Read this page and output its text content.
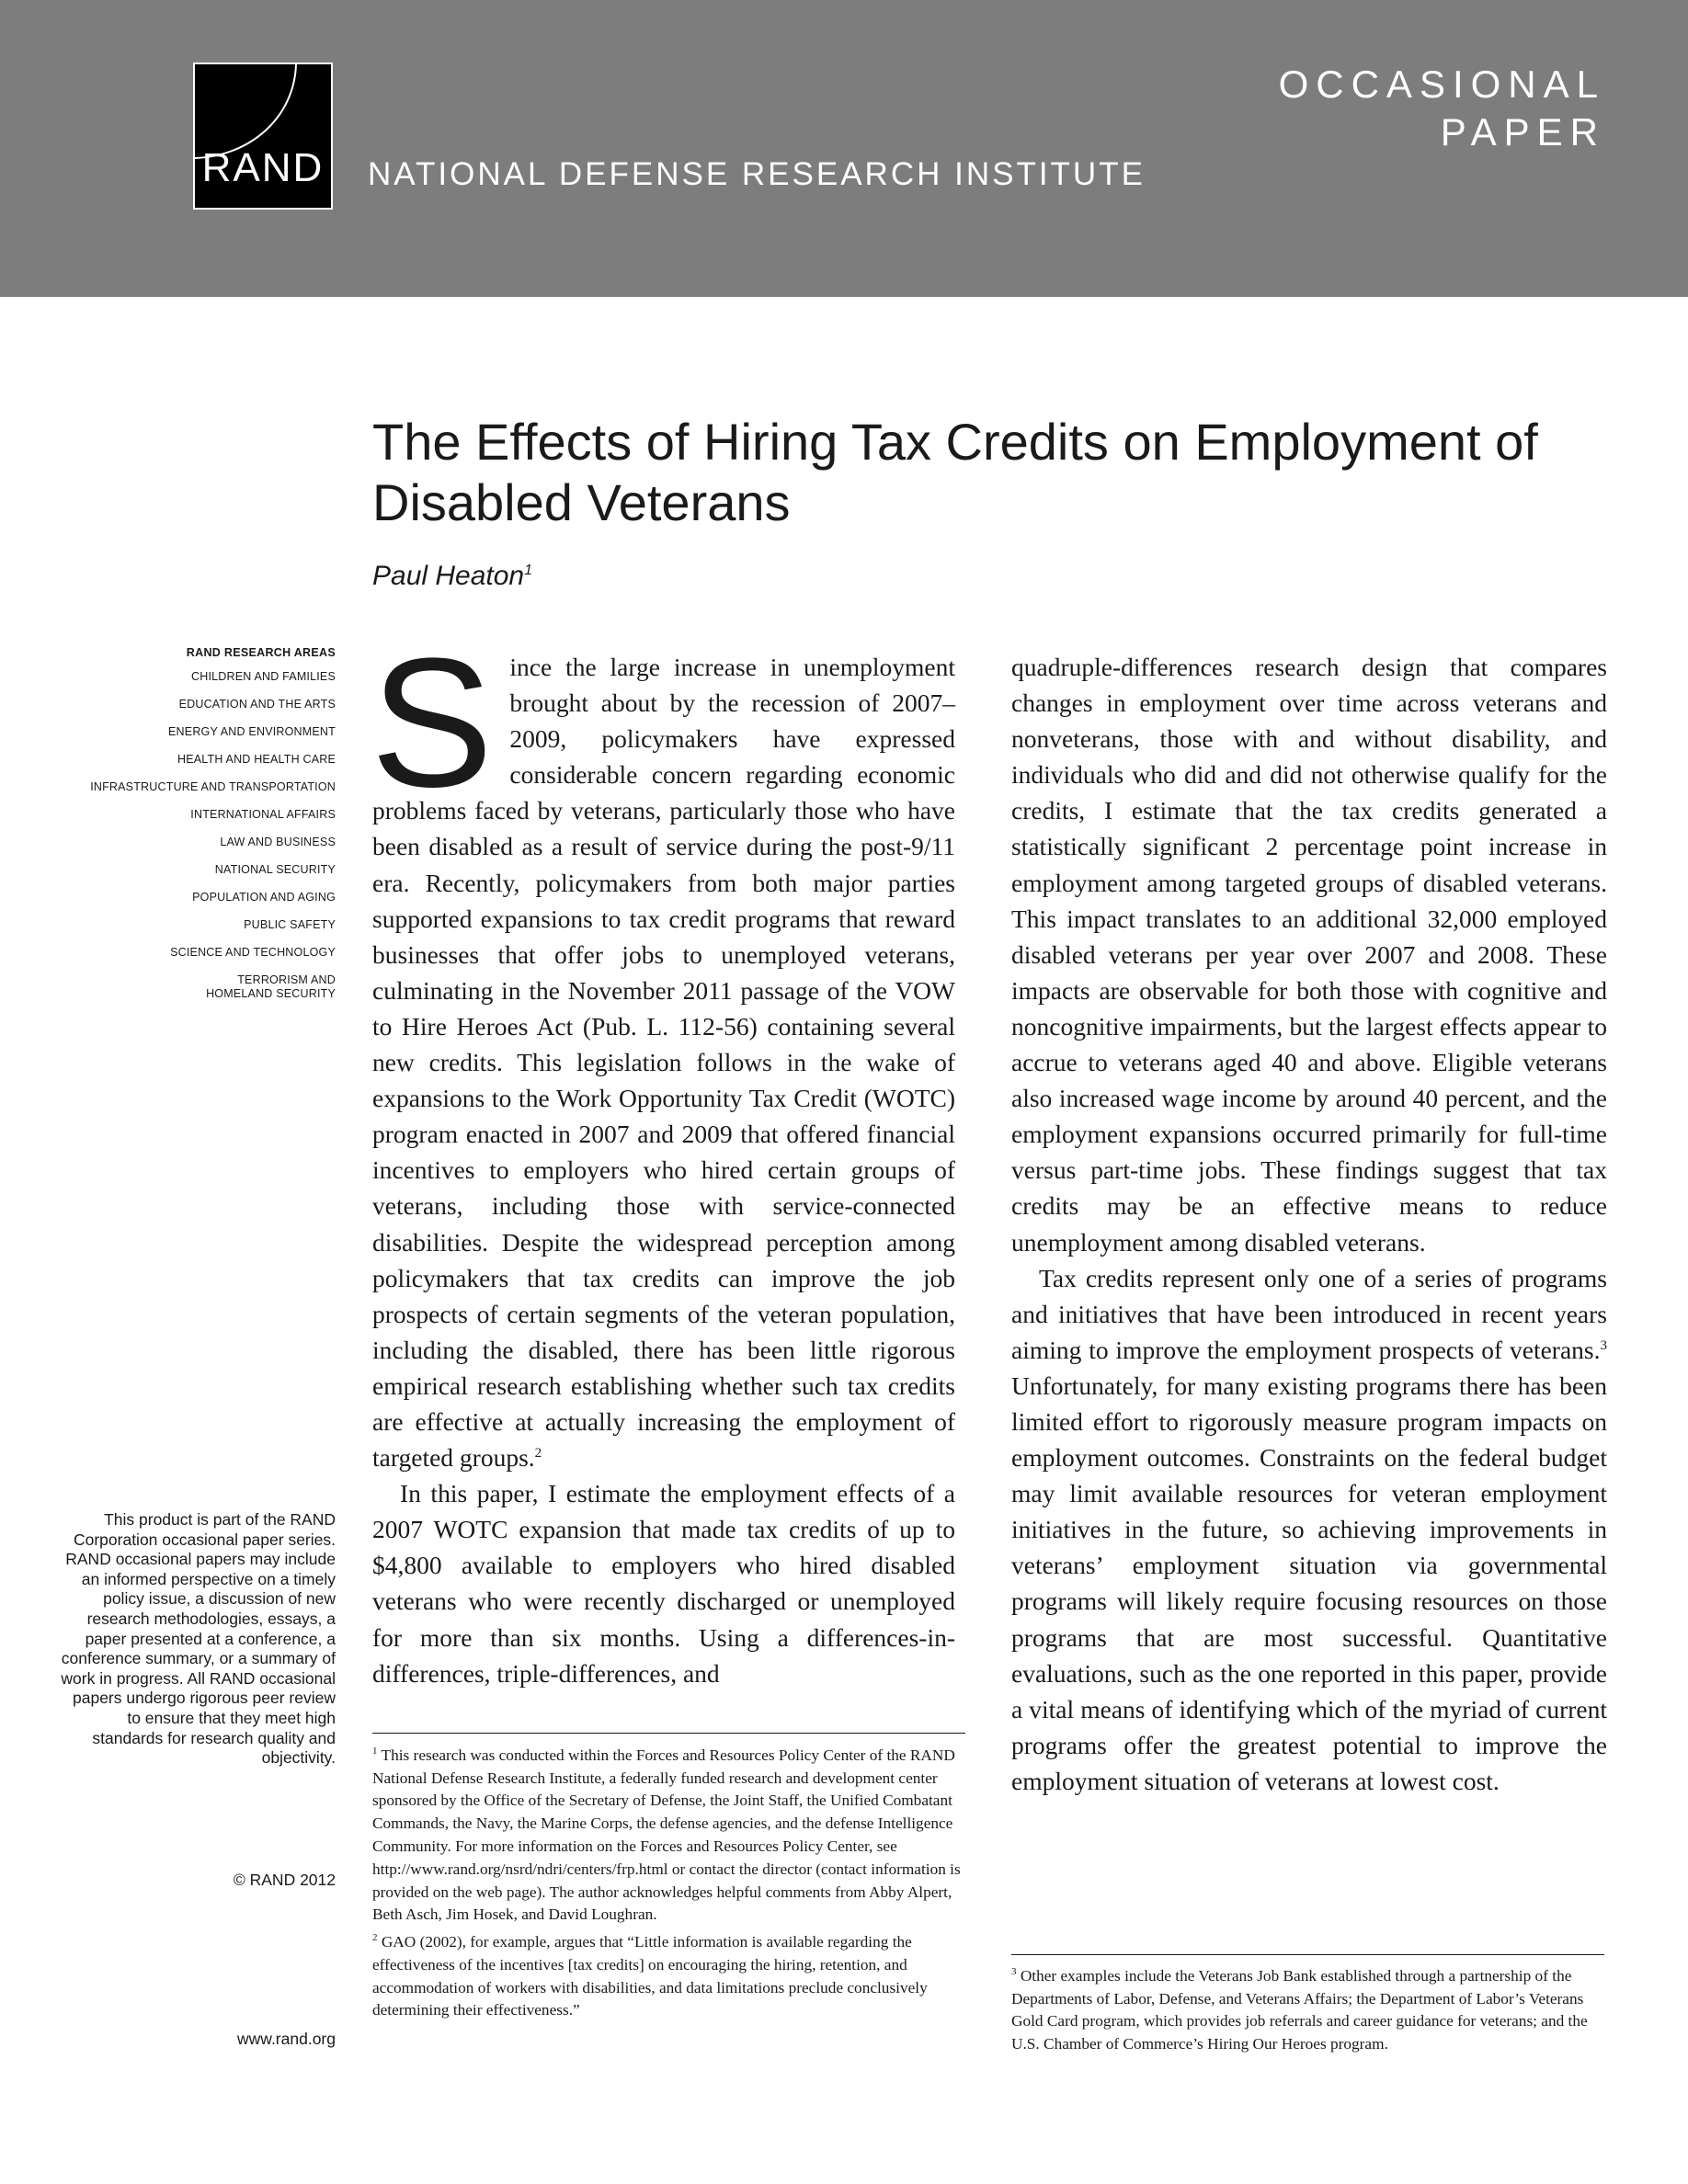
RAND NATIONAL DEFENSE RESEARCH INSTITUTE
OCCASIONAL
PAPER
The Effects of Hiring Tax Credits on Employment of Disabled Veterans
Paul Heaton$^1$
RAND RESEARCH AREAS
CHILDREN AND FAMILIES
EDUCATION AND THE ARTS
ENERGY AND ENVIRONMENT
HEALTH AND HEALTH CARE
INFRASTRUCTURE AND TRANSPORTATION
INTERNATIONAL AFFAIRS
LAW AND BUSINESS
NATIONAL SECURITY
POPULATION AND AGING
PUBLIC SAFETY
SCIENCE AND TECHNOLOGY
TERRORISM AND
HOMELAND SECURITY
This product is part of the RAND Corporation occasional paper series. RAND occasional papers may include an informed perspective on a timely policy issue, a discussion of new research methodologies, essays, a paper presented at a conference, a conference summary, or a summary of work in progress. All RAND occasional papers undergo rigorous peer review to ensure that they meet high standards for research quality and objectivity.
© RAND 2012
www.rand.org

Since the large increase in unemployment brought about by the recession of 2007–2009, policymakers have expressed considerable concern regarding economic problems faced by veterans, particularly those who have been disabled as a result of service during the post-9/11 era. Recently, policymakers from both major parties supported expansions to tax credit programs that reward businesses that offer jobs to unemployed veterans, culminating in the November 2011 passage of the VOW to Hire Heroes Act (Pub. L. 112-56) containing several new credits. This legislation follows in the wake of expansions to the Work Opportunity Tax Credit (WOTC) program enacted in 2007 and 2009 that offered financial incentives to employers who hired certain groups of veterans, including those with service-connected disabilities. Despite the widespread perception among policymakers that tax credits can improve the job prospects of certain segments of the veteran population, including the disabled, there has been little rigorous empirical research establishing whether such tax credits are effective at actually increasing the employment of targeted groups.$^2$

In this paper, I estimate the employment effects of a 2007 WOTC expansion that made tax credits of up to $4,800 available to employers who hired disabled veterans who were recently discharged or unemployed for more than six months. Using a differences-in-differences, triple-differences, and

quadruple-differences research design that compares changes in employment over time across veterans and nonveterans, those with and without disability, and individuals who did and did not otherwise qualify for the credits, I estimate that the tax credits generated a statistically significant 2 percentage point increase in employment among targeted groups of disabled veterans. This impact translates to an additional 32,000 employed disabled veterans per year over 2007 and 2008. These impacts are observable for both those with cognitive and noncognitive impairments, but the largest effects appear to accrue to veterans aged 40 and above. Eligible veterans also increased wage income by around 40 percent, and the employment expansions occurred primarily for full-time versus part-time jobs. These findings suggest that tax credits may be an effective means to reduce unemployment among disabled veterans.

Tax credits represent only one of a series of programs and initiatives that have been introduced in recent years aiming to improve the employment prospects of veterans.$^3$ Unfortunately, for many existing programs there has been limited effort to rigorously measure program impacts on employment outcomes. Constraints on the federal budget may limit available resources for veteran employment initiatives in the future, so achieving improvements in veterans’ employment situation via governmental programs will likely require focusing resources on those programs that are most successful. Quantitative evaluations, such as the one reported in this paper, provide a vital means of identifying which of the myriad of current programs offer the greatest potential to improve the employment situation of veterans at lowest cost.

$^1$ This research was conducted within the Forces and Resources Policy Center of the RAND National Defense Research Institute, a federally funded research and development center sponsored by the Office of the Secretary of Defense, the Joint Staff, the Unified Combatant Commands, the Navy, the Marine Corps, the defense agencies, and the defense Intelligence Community. For more information on the Forces and Resources Policy Center, see http://www.rand.org/nsrd/ndri/centers/frp.html or contact the director (contact information is provided on the web page). The author acknowledges helpful comments from Abby Alpert, Beth Asch, Jim Hosek, and David Loughran.

$^2$ GAO (2002), for example, argues that “Little information is available regarding the effectiveness of the incentives [tax credits] on encouraging the hiring, retention, and accommodation of workers with disabilities, and data limitations preclude conclusively determining their effectiveness.”

$^3$ Other examples include the Veterans Job Bank established through a partnership of the Departments of Labor, Defense, and Veterans Affairs; the Department of Labor’s Veterans Gold Card program, which provides job referrals and career guidance for veterans; and the U.S. Chamber of Commerce’s Hiring Our Heroes program.
